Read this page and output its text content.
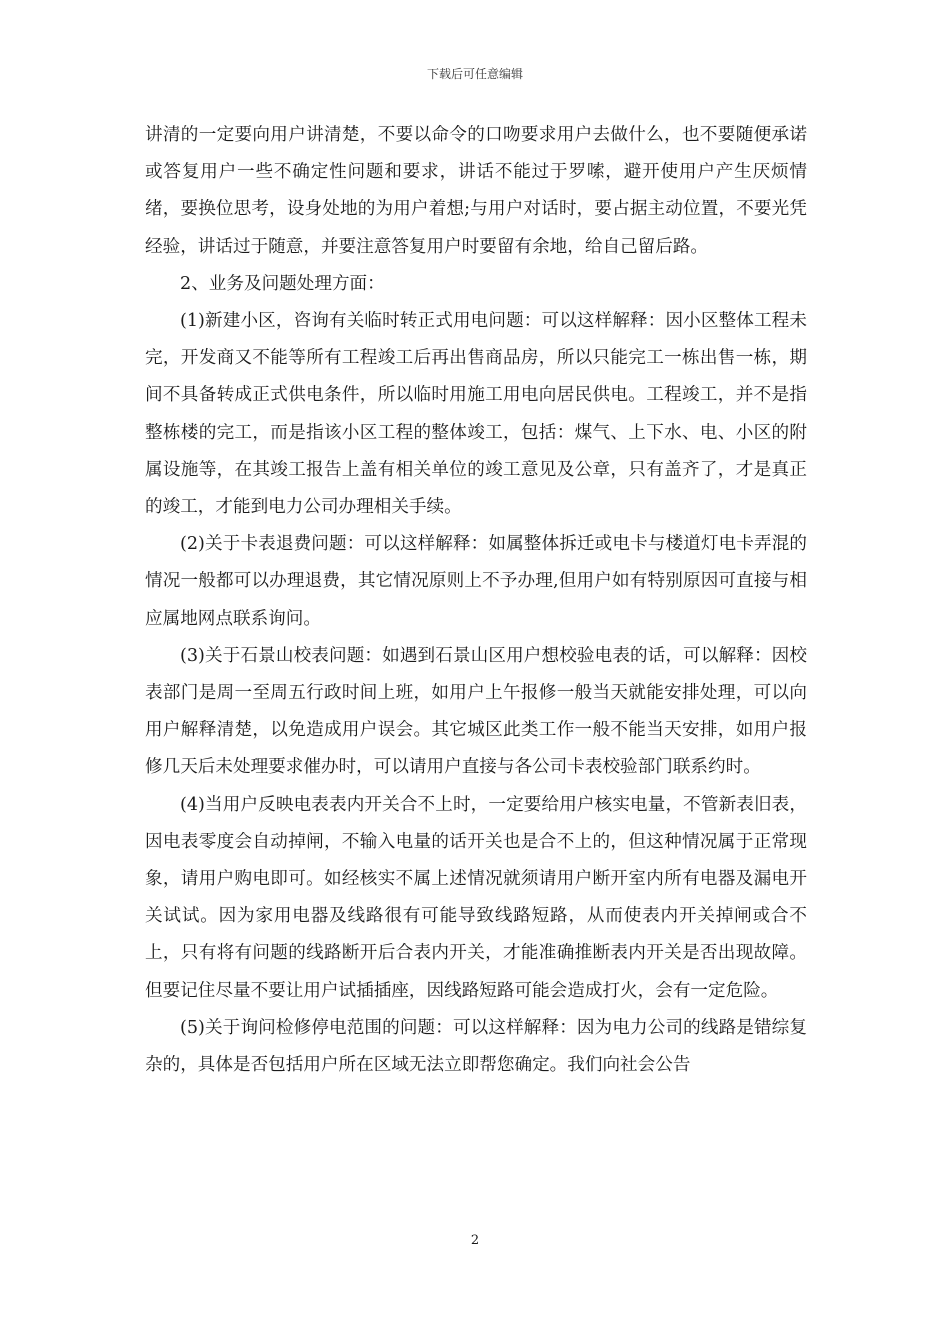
下载后可任意编辑

讲清的一定要向用户讲清楚，不要以命令的口吻要求用户去做什么，也不要随便承诺或答复用户一些不确定性问题和要求，讲话不能过于罗嗦，避开使用户产生厌烦情绪，要换位思考，设身处地的为用户着想;与用户对话时，要占据主动位置，不要光凭经验，讲话过于随意，并要注意答复用户时要留有余地，给自己留后路。

2、业务及问题处理方面：

(1)新建小区，咨询有关临时转正式用电问题：可以这样解释：因小区整体工程未完，开发商又不能等所有工程竣工后再出售商品房，所以只能完工一栋出售一栋，期间不具备转成正式供电条件，所以临时用施工用电向居民供电。工程竣工，并不是指整栋楼的完工，而是指该小区工程的整体竣工，包括：煤气、上下水、电、小区的附属设施等，在其竣工报告上盖有相关单位的竣工意见及公章，只有盖齐了，才是真正的竣工，才能到电力公司办理相关手续。

(2)关于卡表退费问题：可以这样解释：如属整体拆迁或电卡与楼道灯电卡弄混的情况一般都可以办理退费，其它情况原则上不予办理,但用户如有特别原因可直接与相应属地网点联系询问。

(3)关于石景山校表问题：如遇到石景山区用户想校验电表的话，可以解释：因校表部门是周一至周五行政时间上班，如用户上午报修一般当天就能安排处理，可以向用户解释清楚，以免造成用户误会。其它城区此类工作一般不能当天安排，如用户报修几天后未处理要求催办时，可以请用户直接与各公司卡表校验部门联系约时。

(4)当用户反映电表表内开关合不上时，一定要给用户核实电量，不管新表旧表，因电表零度会自动掉闸，不输入电量的话开关也是合不上的，但这种情况属于正常现象，请用户购电即可。如经核实不属上述情况就须请用户断开室内所有电器及漏电开关试试。因为家用电器及线路很有可能导致线路短路，从而使表内开关掉闸或合不上，只有将有问题的线路断开后合表内开关，才能准确推断表内开关是否出现故障。但要记住尽量不要让用户试插插座，因线路短路可能会造成打火，会有一定危险。

(5)关于询问检修停电范围的问题：可以这样解释：因为电力公司的线路是错综复杂的，具体是否包括用户所在区域无法立即帮您确定。我们向社会公告

2
